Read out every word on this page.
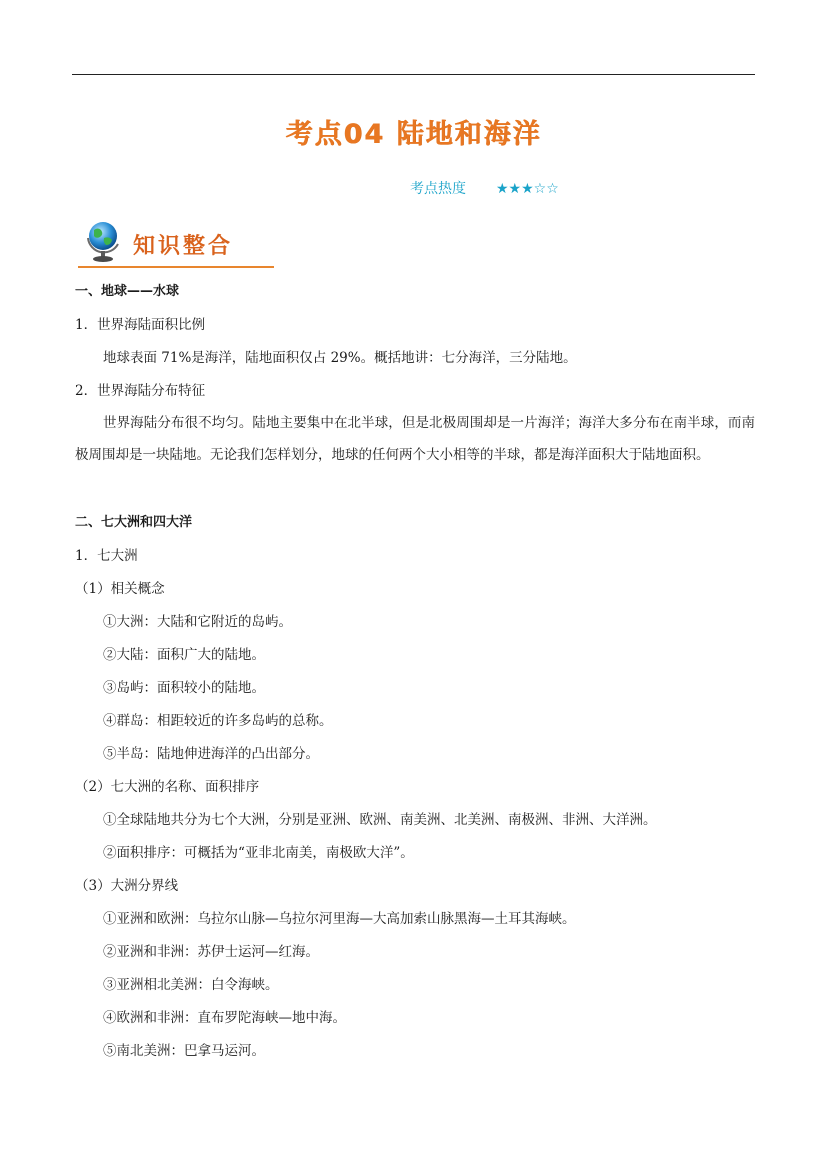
考点04 陆地和海洋
考点热度 ★★★☆☆
知识整合
一、地球——水球
1．世界海陆面积比例
地球表面 71%是海洋，陆地面积仅占 29%。概括地讲：七分海洋，三分陆地。
2．世界海陆分布特征
世界海陆分布很不均匀。陆地主要集中在北半球，但是北极周围却是一片海洋；海洋大多分布在南半球，而南极周围却是一块陆地。无论我们怎样划分，地球的任何两个大小相等的半球，都是海洋面积大于陆地面积。
二、七大洲和四大洋
1．七大洲
（1）相关概念
①大洲：大陆和它附近的岛屿。
②大陆：面积广大的陆地。
③岛屿：面积较小的陆地。
④群岛：相距较近的许多岛屿的总称。
⑤半岛：陆地伸进海洋的凸出部分。
（2）七大洲的名称、面积排序
①全球陆地共分为七个大洲，分别是亚洲、欧洲、南美洲、北美洲、南极洲、非洲、大洋洲。
②面积排序：可概括为“亚非北南美，南极欧大洋”。
（3）大洲分界线
①亚洲和欧洲：乌拉尔山脉—乌拉尔河里海—大高加索山脉黑海—土耳其海峡。
②亚洲和非洲：苏伊士运河—红海。
③亚洲相北美洲：白令海峡。
④欧洲和非洲：直布罗陀海峡—地中海。
⑤南北美洲：巴拿马运河。
